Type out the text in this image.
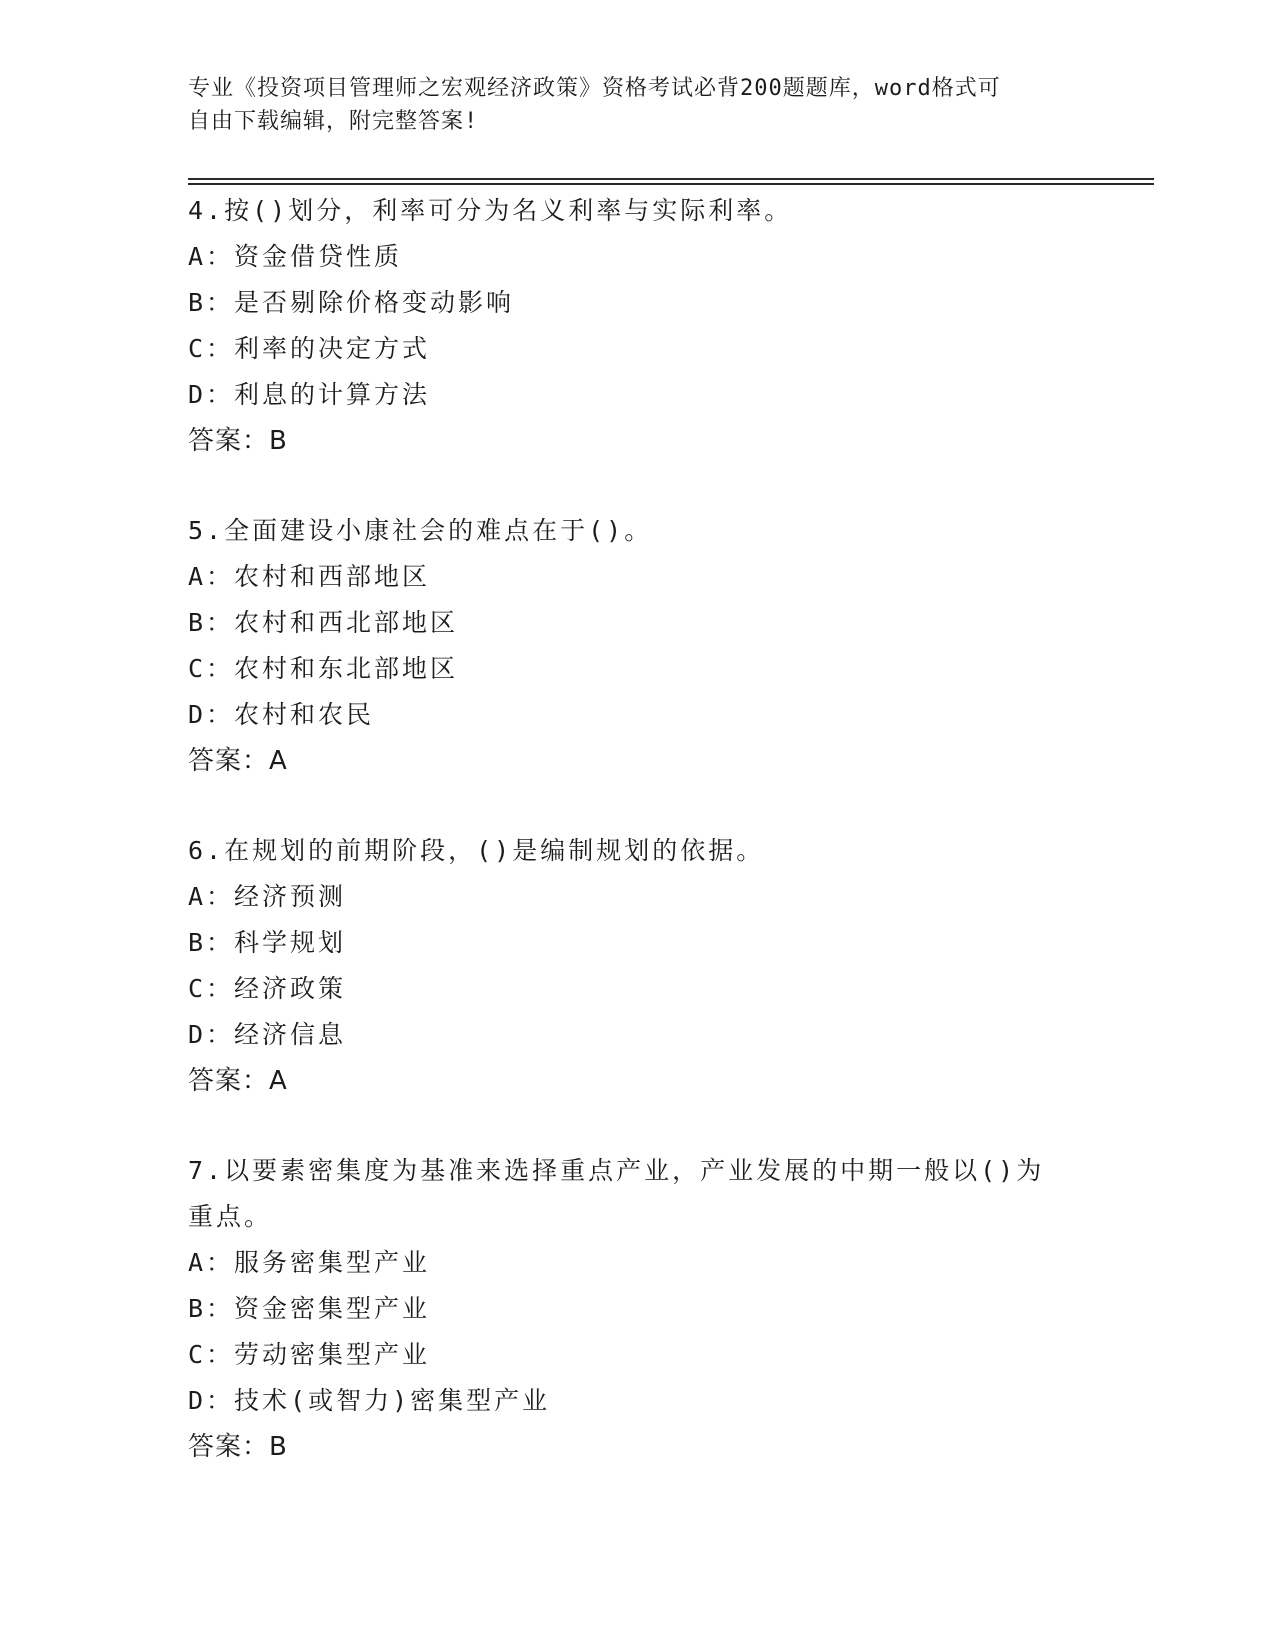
专业《投资项目管理师之宏观经济政策》资格考试必背200题题库，word格式可
自由下载编辑，附完整答案!
4.按()划分，利率可分为名义利率与实际利率。
A：资金借贷性质
B：是否剔除价格变动影响
C：利率的决定方式
D：利息的计算方法
答案：B
5.全面建设小康社会的难点在于()。
A：农村和西部地区
B：农村和西北部地区
C：农村和东北部地区
D：农村和农民
答案：A
6.在规划的前期阶段，()是编制规划的依据。
A：经济预测
B：科学规划
C：经济政策
D：经济信息
答案：A
7.以要素密集度为基准来选择重点产业，产业发展的中期一般以()为
重点。
A：服务密集型产业
B：资金密集型产业
C：劳动密集型产业
D：技术(或智力)密集型产业
答案：B
